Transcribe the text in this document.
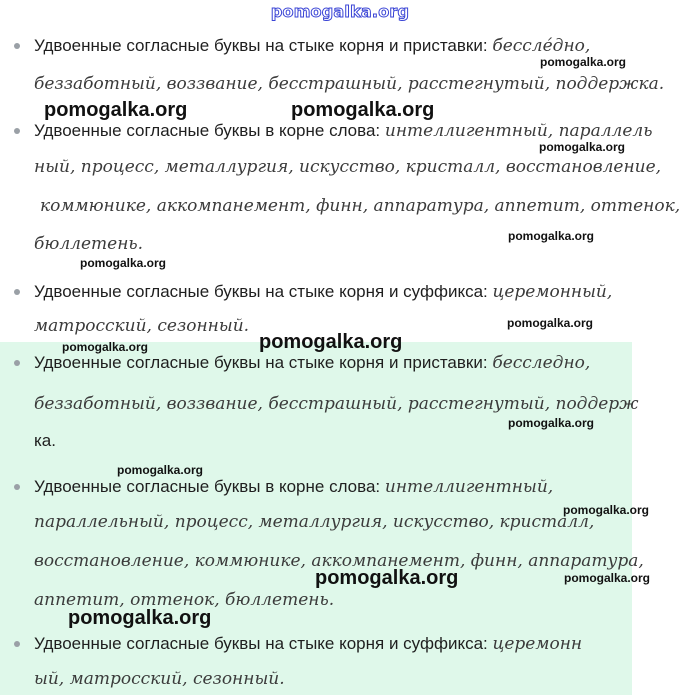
pomogalka.org
Удвоенные согласные буквы на стыке корня и приставки: бессле́дно,
беззаботный, воззвание, бесстрашный, расстегнутый, поддержка.
Удвоенные согласные буквы в корне слова: интеллигентный, параллель
ный, процесс, металлургия, искусство, кристалл, восстановление,
коммюнике, аккомпанемент, финн, аппаратура, аппетит, оттенок,
бюллетень.
Удвоенные согласные буквы на стыке корня и суффикса: церемонный,
матросский, сезонный.
Удвоенные согласные буквы на стыке корня и приставки: бесследно,
беззаботный, воззвание, бесстрашный, расстегнутый, поддерж
ка.
Удвоенные согласные буквы в корне слова: интеллигентный,
параллельный, процесс, металлургия, искусство, кристалл,
восстановление, коммюнике, аккомпанемент, финн, аппаратура,
аппетит, оттенок, бюллетень.
Удвоенные согласные буквы на стыке корня и суффикса: церемонн
ый, матросский, сезонный.
pomogalka.org	pomogalka.org
pomogalka.org
pomogalka.org
pomogalka.org
pomogalka.org
pomogalka.org
pomogalka.org
pomogalka.org
pomogalka.org
pomogalka.org
pomogalka.org
pomogalka.org
pomogalka.org
pomogalka.org
